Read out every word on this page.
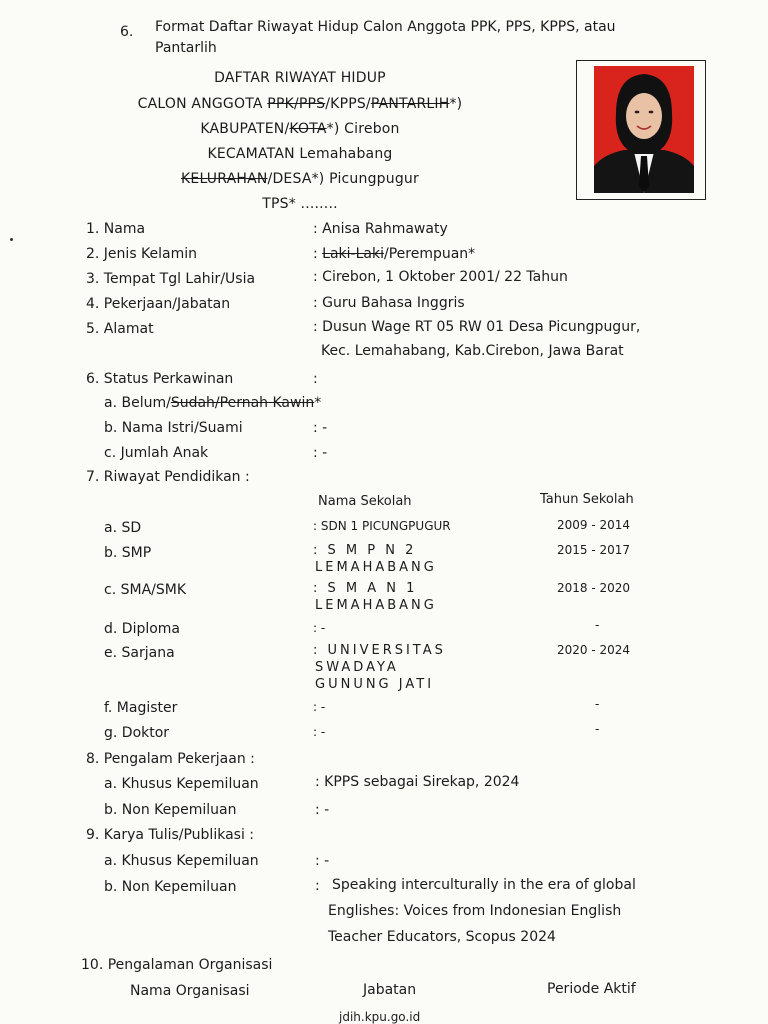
6. Format Daftar Riwayat Hidup Calon Anggota PPK, PPS, KPPS, atau
Pantarlih
DAFTAR RIWAYAT HIDUP
CALON ANGGOTA PPK/PPS/KPPS/PANTARLIH*)
KABUPATEN/KOTA*) Cirebon
KECAMATAN Lemahabang
KELURAHAN/DESA*) Picungpugur
TPS* ........
1. Nama	: Anisa Rahmawaty
2. Jenis Kelamin	: Laki-Laki/Perempuan*
3. Tempat Tgl Lahir/Usia	: Cirebon, 1 Oktober 2001/ 22 Tahun
4. Pekerjaan/Jabatan	: Guru Bahasa Inggris
5. Alamat	: Dusun Wage RT 05 RW 01 Desa Picungpugur,
Kec. Lemahabang, Kab.Cirebon, Jawa Barat
6. Status Perkawinan	:
a. Belum/Sudah/Pernah Kawin*
b. Nama Istri/Suami	: -
c. Jumlah Anak	: -
7. Riwayat Pendidikan :
Nama Sekolah	Tahun Sekolah
a. SD	: SDN 1 PICUNGPUGUR	2009 - 2014
b. SMP	: S M P N 2
LEMAHABANG
2015 - 2017
c. SMA/SMK	: S M A N 1
LEMAHABANG
2018 - 2020
d. Diploma	: -	-
e. Sarjana	: UNIVERSITAS
SWADAYA
GUNUNG JATI
2020 - 2024
f. Magister	: -	-
g. Doktor	: -	-
8. Pengalam Pekerjaan :
a. Khusus Kepemiluan	: KPPS sebagai Sirekap, 2024
b. Non Kepemiluan	: -
9. Karya Tulis/Publikasi :
a. Khusus Kepemiluan	: -
b. Non Kepemiluan	: Speaking interculturally in the era of global
Englishes: Voices from Indonesian English
Teacher Educators, Scopus 2024
10. Pengalaman Organisasi
Nama Organisasi	Jabatan	Periode Aktif
jdih.kpu.go.id
